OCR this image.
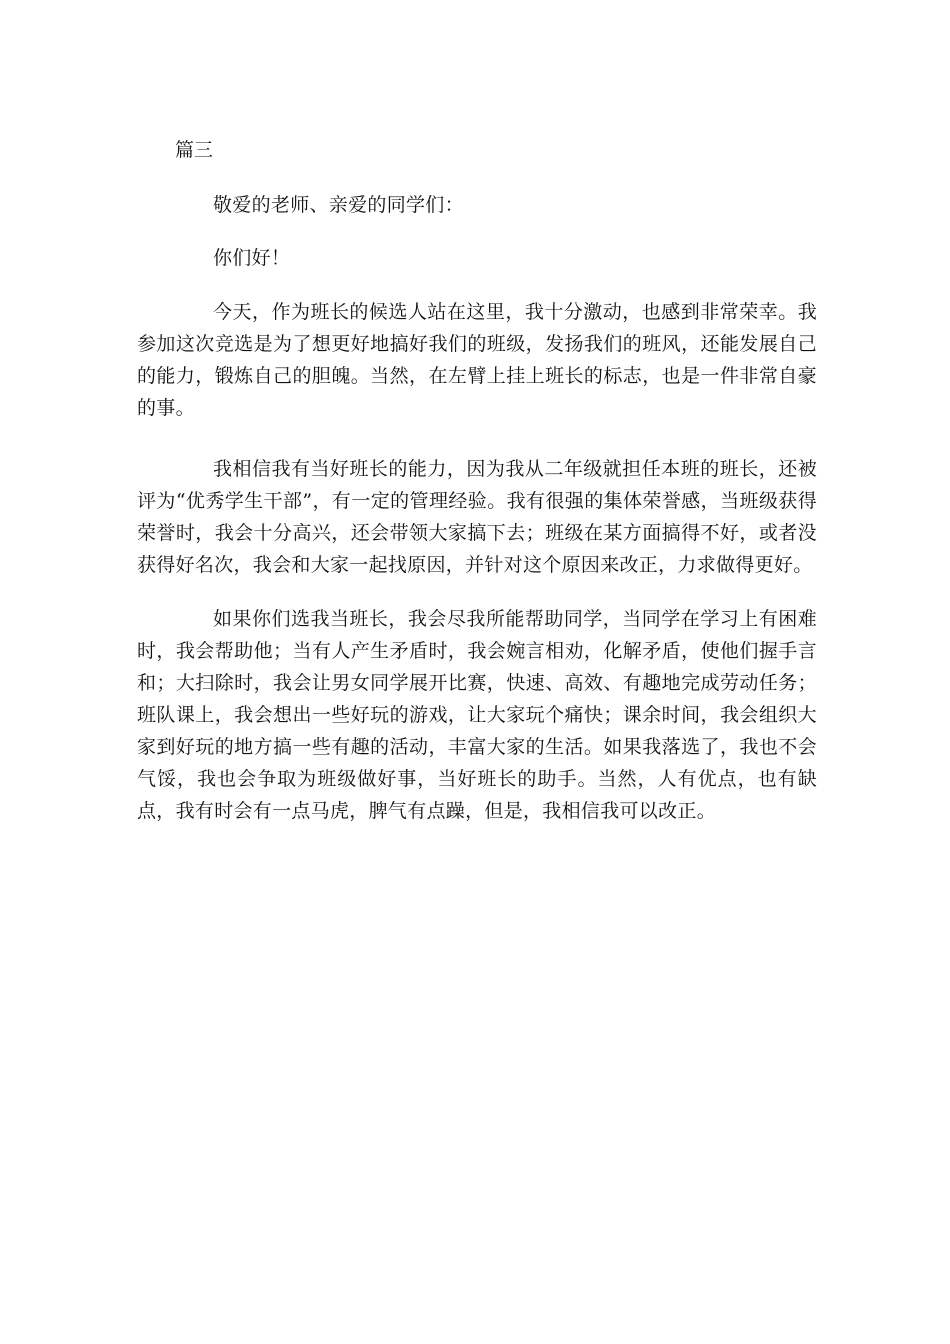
篇三

敬爱的老师、亲爱的同学们：

你们好！

今天，作为班长的候选人站在这里，我十分激动，也感到非常荣幸。我参加这次竞选是为了想更好地搞好我们的班级，发扬我们的班风，还能发展自己的能力，锻炼自己的胆魄。当然，在左臂上挂上班长的标志，也是一件非常自豪的事。

我相信我有当好班长的能力，因为我从二年级就担任本班的班长，还被评为“优秀学生干部”，有一定的管理经验。我有很强的集体荣誉感，当班级获得荣誉时，我会十分高兴，还会带领大家搞下去；班级在某方面搞得不好，或者没获得好名次，我会和大家一起找原因，并针对这个原因来改正，力求做得更好。

如果你们选我当班长，我会尽我所能帮助同学，当同学在学习上有困难时，我会帮助他；当有人产生矛盾时，我会婉言相劝，化解矛盾，使他们握手言和；大扫除时，我会让男女同学展开比赛，快速、高效、有趣地完成劳动任务；班队课上，我会想出一些好玩的游戏，让大家玩个痛快；课余时间，我会组织大家到好玩的地方搞一些有趣的活动，丰富大家的生活。如果我落选了，我也不会气馁，我也会争取为班级做好事，当好班长的助手。当然，人有优点，也有缺点，我有时会有一点马虎，脾气有点躁，但是，我相信我可以改正。
